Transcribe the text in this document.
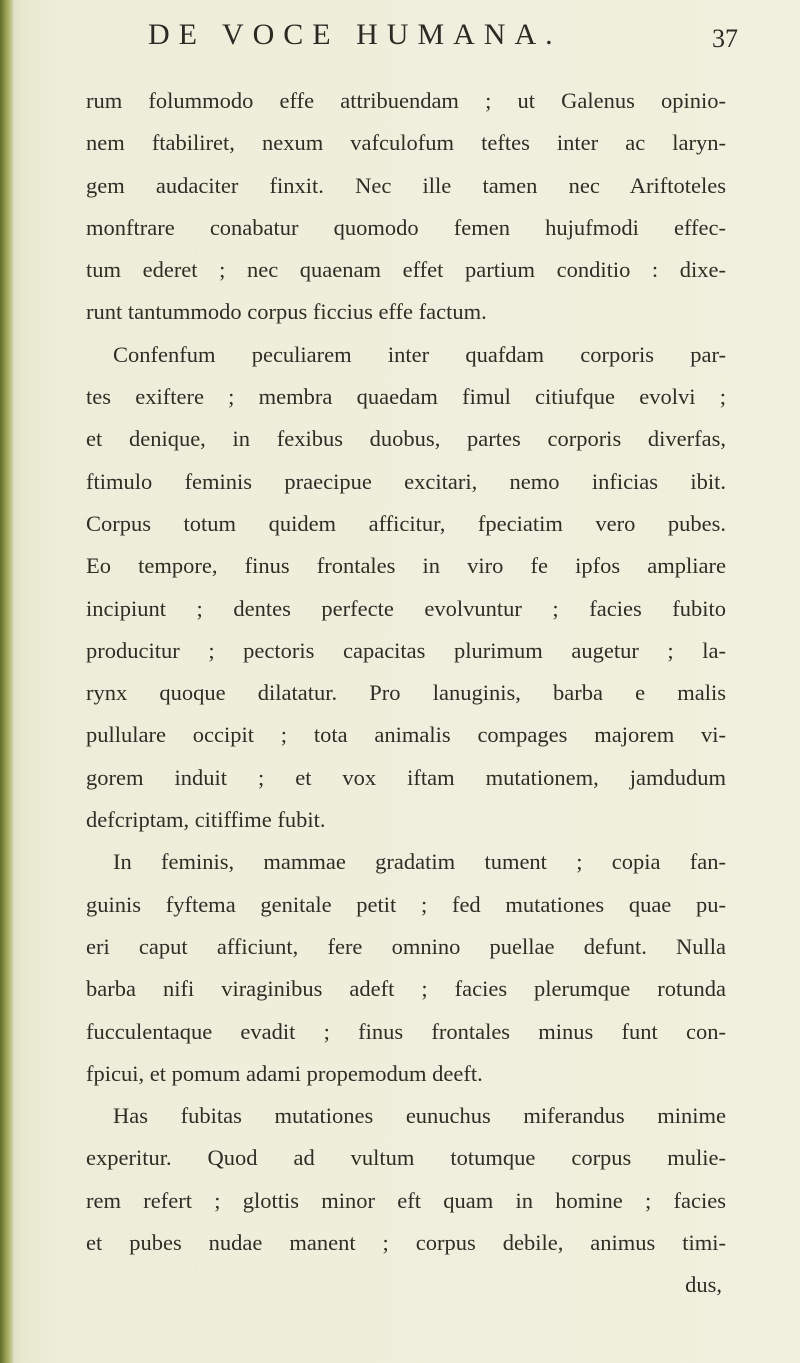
DE VOCE HUMANA.	37
rum folummodo effe attribuendam ; ut Galenus opinio-
nem ftabiliret, nexum vafculofum teftes inter ac laryn-
gem audaciter finxit. Nec ille tamen nec Ariftoteles
monftrare conabatur quomodo femen hujufmodi effec-
tum ederet ; nec quaenam effet partium conditio : dixe-
runt tantummodo corpus ficcius effe factum.
Confenfum peculiarem inter quafdam corporis par-
tes exiftere ; membra quaedam fimul citiufque evolvi ;
et denique, in fexibus duobus, partes corporis diverfas,
ftimulo feminis praecipue excitari, nemo inficias ibit.
Corpus totum quidem afficitur, fpeciatim vero pubes.
Eo tempore, finus frontales in viro fe ipfos ampliare
incipiunt ; dentes perfecte evolvuntur ; facies fubito
producitur ; pectoris capacitas plurimum augetur ; la-
rynx quoque dilatatur. Pro lanuginis, barba e malis
pullulare occipit ; tota animalis compages majorem vi-
gorem induit ; et vox iftam mutationem, jamdudum
defcriptam, citiffime fubit.
In feminis, mammae gradatim tument ; copia fan-
guinis fyftema genitale petit ; fed mutationes quae pu-
eri caput afficiunt, fere omnino puellae defunt. Nulla
barba nifi viraginibus adeft ; facies plerumque rotunda
fucculentaque evadit ; finus frontales minus funt con-
fpicui, et pomum adami propemodum deeft.
Has fubitas mutationes eunuchus miferandus minime
experitur. Quod ad vultum totumque corpus mulie-
rem refert ; glottis minor eft quam in homine ; facies
et pubes nudae manent ; corpus debile, animus timi-
dus,
